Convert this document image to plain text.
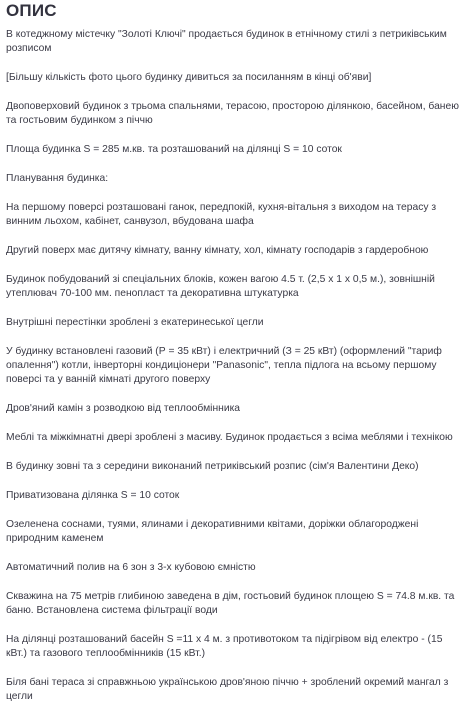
ОПИС

В котеджному містечку "Золоті Ключі" продається будинок в етнічному стилі з петриківським розписом

[Більшу кількість фото цього будинку дивиться за посиланням в кінці об'яви]

Двоповерховий будинок з трьома спальнями, терасою, просторою ділянкою, басейном, банею та гостьовим будинком з піччю

Площа будинка S = 285 м.кв. та розташований на ділянці S = 10 соток

Планування будинка:

На першому поверсі розташовані ганок, передпокій, кухня-вітальня з виходом на терасу з винним льохом, кабінет, санвузол, вбудована шафа

Другий поверх має дитячу кімнату, ванну кімнату, хол, кімнату господарів з гардеробною

Будинок побудований зі спеціальних блоків, кожен вагою 4.5 т. (2,5 х 1 х 0,5 м.), зовнішній утеплювач 70-100 мм. пенопласт та декоративна штукатурка

Внутрішні перестінки зроблені з екатеринеcької цегли

У будинку встановлені газовий (Р = 35 кВт) і електричний (З = 25 кВт) (оформлений "тариф опалення") котли, інверторні кондиціонери "Panasonic", тепла підлога на всьому першому поверсі та у ванній кімнаті другого поверху

Дров'яний камін з розводкою від теплообмінника

Меблі та міжкімнатні двері зроблені з масиву. Будинок продається з всіма меблями і технікою

В будинку зовні та з середини виконаний петриківський розпис (сім'я Валентини Деко)

Приватизована ділянка S = 10 соток

Озеленена соснами, туями, ялинами і декоративними квітами, доріжки облагороджені природним каменем

Автоматичний полив на 6 зон з 3-х кубовою ємністю

Скважина на 75 метрів глибиною заведена в дім, гостьовий будинок площею S = 74.8 м.кв. та баню. Встановлена система фільтрації води

На ділянці розташований басейн S =11 х 4 м. з противотоком та підігрівом від електро - (15 кВт.) та газового теплообмінників (15 кВт.)

Біля бані тераса зі справжньою українською дров'яною піччю + зроблений окремий мангал з цегли
